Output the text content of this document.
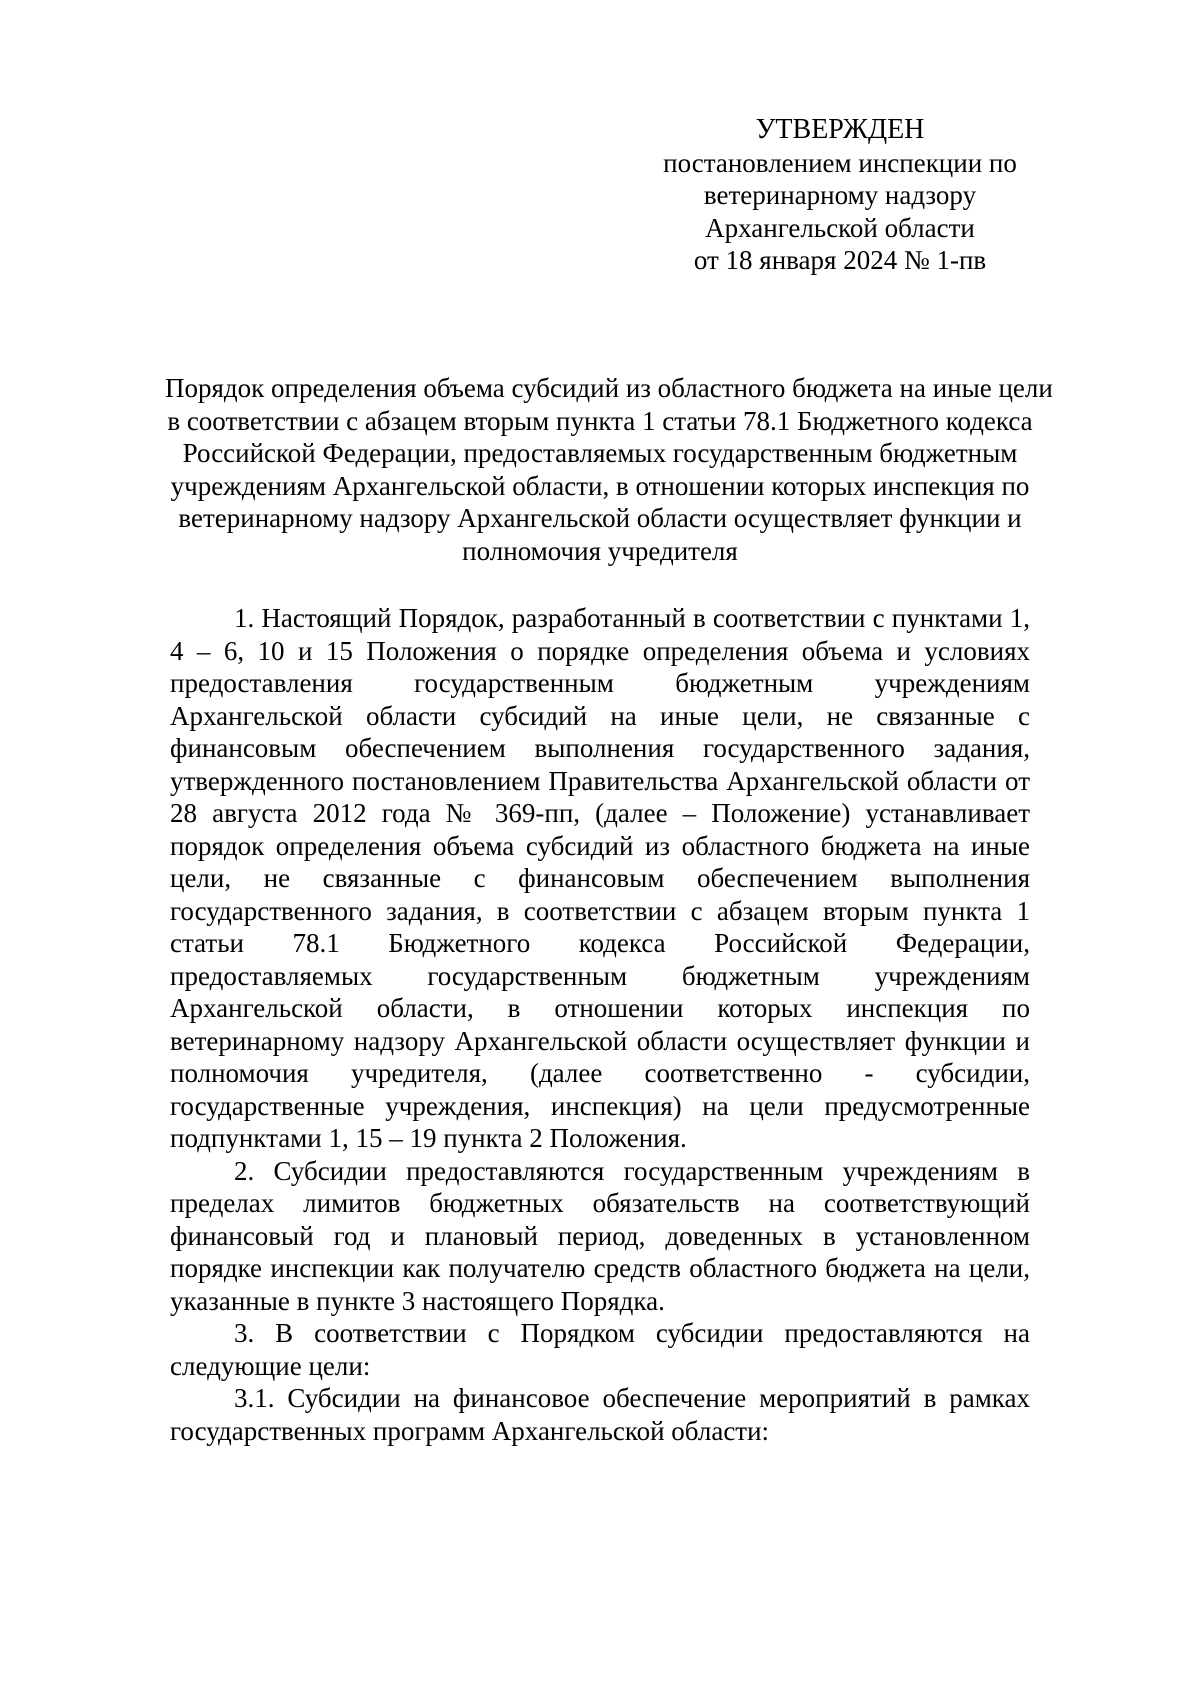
УТВЕРЖДЕН
постановлением инспекции по
ветеринарному надзору
Архангельской области
от 18 января 2024 № 1-пв
Порядок определения объема субсидий из областного бюджета на иные цели
в соответствии с абзацем вторым пункта 1 статьи 78.1 Бюджетного кодекса
Российской Федерации, предоставляемых государственным бюджетным
учреждениям Архангельской области, в отношении которых инспекция по
ветеринарному надзору Архангельской области осуществляет функции и
полномочия учредителя

1. Настоящий Порядок, разработанный в соответствии с пунктами 1, 4 – 6, 10 и 15 Положения о порядке определения объема и условиях предоставления государственным бюджетным учреждениям Архангельской области субсидий на иные цели, не связанные с финансовым обеспечением выполнения государственного задания, утвержденного постановлением Правительства Архангельской области от 28 августа 2012 года № 369-пп, (далее – Положение) устанавливает порядок определения объема субсидий из областного бюджета на иные цели, не связанные с финансовым обеспечением выполнения государственного задания, в соответствии с абзацем вторым пункта 1 статьи 78.1 Бюджетного кодекса Российской Федерации, предоставляемых государственным бюджетным учреждениям Архангельской области, в отношении которых инспекция по ветеринарному надзору Архангельской области осуществляет функции и полномочия учредителя, (далее соответственно - субсидии, государственные учреждения, инспекция) на цели предусмотренные подпунктами 1, 15 – 19 пункта 2 Положения.

2. Субсидии предоставляются государственным учреждениям в пределах лимитов бюджетных обязательств на соответствующий финансовый год и плановый период, доведенных в установленном порядке инспекции как получателю средств областного бюджета на цели, указанные в пункте 3 настоящего Порядка.

3. В соответствии с Порядком субсидии предоставляются на следующие цели:

3.1. Субсидии на финансовое обеспечение мероприятий в рамках государственных программ Архангельской области:
